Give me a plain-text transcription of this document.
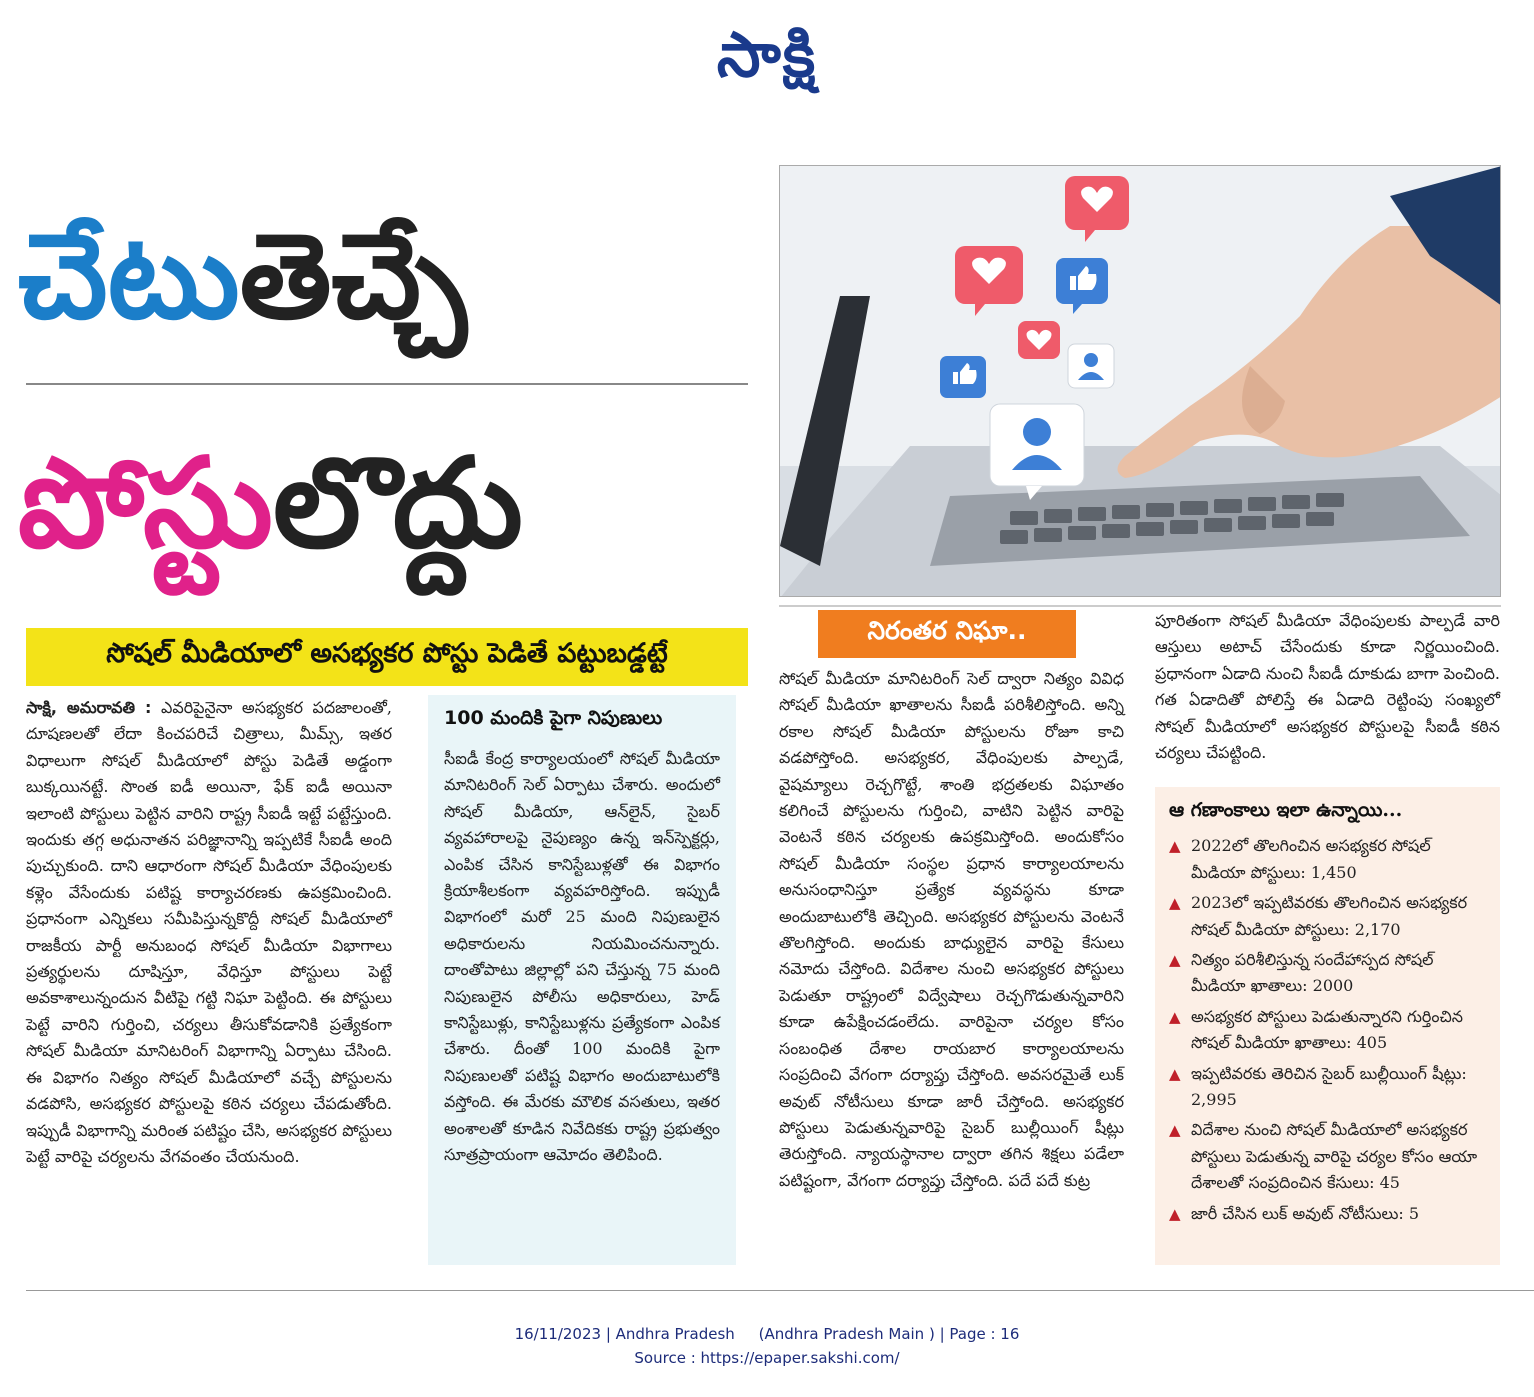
సాక్షి
చేటుతెచ్చే
పోస్టులొద్దు
సోషల్ మీడియాలో అసభ్యకర పోస్టు పెడితే పట్టుబడ్డట్టే
సాక్షి, అమరావతి : ఎవరిపైనైనా అసభ్యకర పదజాలంతో, దూషణలతో లేదా కించపరిచే చిత్రాలు, మీమ్స్, ఇతర విధాలుగా సోషల్ మీడియాలో పోస్టు పెడితే అడ్డంగా బుక్కయినట్టే. సొంత ఐడీ అయినా, ఫేక్ ఐడీ అయినా ఇలాంటి పోస్టులు పెట్టిన వారిని రాష్ట్ర సీఐడీ ఇట్టే పట్టేస్తుంది. ఇందుకు తగ్గ అధునాతన పరిజ్ఞానాన్ని ఇప్పటికే సీఐడీ అంది పుచ్చుకుంది. దాని ఆధారంగా సోషల్ మీడియా వేధింపులకు కళ్లెం వేసేందుకు పటిష్ట కార్యాచరణకు ఉపక్రమించింది. ప్రధానంగా ఎన్నికలు సమీపిస్తున్నకొద్దీ సోషల్ మీడియాలో రాజకీయ పార్టీ అనుబంధ సోషల్ మీడియా విభాగాలు ప్రత్యర్థులను దూషిస్తూ, వేధిస్తూ పోస్టులు పెట్టే అవకాశాలున్నందున వీటిపై గట్టి నిఘా పెట్టింది. ఈ పోస్టులు పెట్టే వారిని గుర్తించి, చర్యలు తీసుకోవడానికి ప్రత్యేకంగా సోషల్ మీడియా మానిటరింగ్ విభాగాన్ని ఏర్పాటు చేసింది. ఈ విభాగం నిత్యం సోషల్ మీడియాలో వచ్చే పోస్టులను వడపోసి, అసభ్యకర పోస్టులపై కఠిన చర్యలు చేపడుతోంది. ఇప్పుడీ విభాగాన్ని మరింత పటిష్టం చేసి, అసభ్యకర పోస్టులు పెట్టే వారిపై చర్యలను వేగవంతం చేయనుంది.
100 మందికి పైగా నిపుణులు
సీఐడీ కేంద్ర కార్యాలయంలో సోషల్ మీడియా మానిటరింగ్ సెల్ ఏర్పాటు చేశారు. అందులో సోషల్ మీడియా, ఆన్‌లైన్, సైబర్ వ్యవహారాలపై నైపుణ్యం ఉన్న ఇన్‌స్పెక్టర్లు, ఎంపిక చేసిన కానిస్టేబుళ్లతో ఈ విభాగం క్రియాశీలకంగా వ్యవహరిస్తోంది. ఇప్పుడీ విభాగంలో మరో 25 మంది నిపుణులైన అధికారులను నియమించనున్నారు. దాంతోపాటు జిల్లాల్లో పని చేస్తున్న 75 మంది నిపుణులైన పోలీసు అధికారులు, హెడ్ కానిస్టేబుళ్లు, కానిస్టేబుళ్లను ప్రత్యేకంగా ఎంపిక చేశారు. దీంతో 100 మందికి పైగా నిపుణులతో పటిష్ట విభాగం అందుబాటులోకి వస్తోంది. ఈ మేరకు మౌలిక వసతులు, ఇతర అంశాలతో కూడిన నివేదికకు రాష్ట్ర ప్రభుత్వం సూత్రప్రాయంగా ఆమోదం తెలిపింది.
నిరంతర నిఘా..
సోషల్ మీడియా మానిటరింగ్ సెల్ ద్వారా నిత్యం వివిధ సోషల్ మీడియా ఖాతాలను సీఐడీ పరిశీలిస్తోంది. అన్ని రకాల సోషల్ మీడియా పోస్టులను రోజూ కాచి వడపోస్తోంది. అసభ్యకర, వేధింపులకు పాల్పడే, వైషమ్యాలు రెచ్చగొట్టే, శాంతి భద్రతలకు విఘాతం కలిగించే పోస్టులను గుర్తించి, వాటిని పెట్టిన వారిపై వెంటనే కఠిన చర్యలకు ఉపక్రమిస్తోంది. అందుకోసం సోషల్ మీడియా సంస్థల ప్రధాన కార్యాలయాలను అనుసంధానిస్తూ ప్రత్యేక వ్యవస్థను కూడా అందుబాటులోకి తెచ్చింది. అసభ్యకర పోస్టులను వెంటనే తొలగిస్తోంది. అందుకు బాధ్యులైన వారిపై కేసులు నమోదు చేస్తోంది. విదేశాల నుంచి అసభ్యకర పోస్టులు పెడుతూ రాష్ట్రంలో విద్వేషాలు రెచ్చగొడుతున్నవారిని కూడా ఉపేక్షించడంలేదు. వారిపైనా చర్యల కోసం సంబంధిత దేశాల రాయబార కార్యాలయాలను సంప్రదించి వేగంగా దర్యాప్తు చేస్తోంది. అవసరమైతే లుక్ అవుట్ నోటీసులు కూడా జారీ చేస్తోంది. అసభ్యకర పోస్టులు పెడుతున్నవారిపై సైబర్ బుల్లీయింగ్ షీట్లు తెరుస్తోంది. న్యాయస్థానాల ద్వారా తగిన శిక్షలు పడేలా పటిష్టంగా, వేగంగా దర్యాప్తు చేస్తోంది. పదే పదే కుట్ర
పూరితంగా సోషల్ మీడియా వేధింపులకు పాల్పడే వారి ఆస్తులు అటాచ్ చేసేందుకు కూడా నిర్ణయించింది. ప్రధానంగా ఏడాది నుంచి సీఐడీ దూకుడు బాగా పెంచింది. గత ఏడాదితో పోలిస్తే ఈ ఏడాది రెట్టింపు సంఖ్యలో సోషల్ మీడియాలో అసభ్యకర పోస్టులపై సీఐడీ కఠిన చర్యలు చేపట్టింది.
ఆ గణాంకాలు ఇలా ఉన్నాయి...
▲ 2022లో తొలగించిన అసభ్యకర సోషల్ మీడియా పోస్టులు: 1,450
▲ 2023లో ఇప్పటివరకు తొలగించిన అసభ్యకర సోషల్ మీడియా పోస్టులు: 2,170
▲ నిత్యం పరిశీలిస్తున్న సందేహాస్పద సోషల్ మీడియా ఖాతాలు: 2000
▲ అసభ్యకర పోస్టులు పెడుతున్నారని గుర్తించిన సోషల్ మీడియా ఖాతాలు: 405
▲ ఇప్పటివరకు తెరిచిన సైబర్ బుల్లీయింగ్ షీట్లు: 2,995
▲ విదేశాల నుంచి సోషల్ మీడియాలో అసభ్యకర పోస్టులు పెడుతున్న వారిపై చర్యల కోసం ఆయా దేశాలతో సంప్రదించిన కేసులు: 45
▲ జారీ చేసిన లుక్ అవుట్ నోటీసులు: 5
16/11/2023 | Andhra Pradesh     (Andhra Pradesh Main ) | Page : 16
Source : https://epaper.sakshi.com/
